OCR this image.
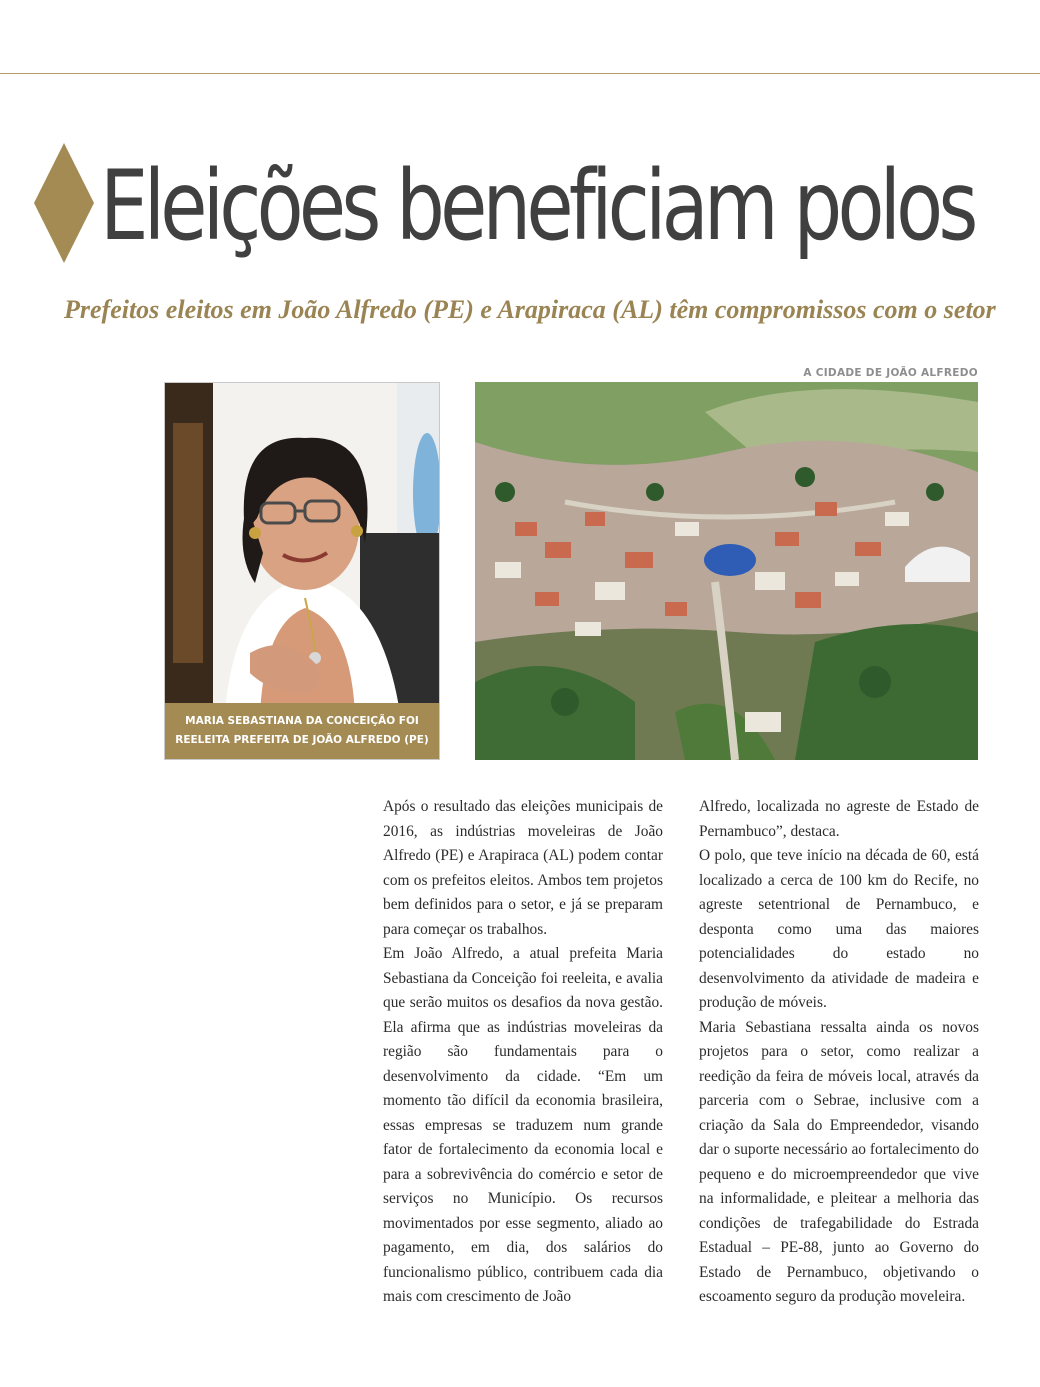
Eleições beneficiam polos
Prefeitos eleitos em João Alfredo (PE) e Arapiraca (AL) têm compromissos com o setor
A CIDADE DE JOÃO ALFREDO
MARIA SEBASTIANA DA CONCEIÇÃO FOI
REELEITA PREFEITA DE JOÃO ALFREDO (PE)

Após o resultado das eleições municipais de 2016, as indústrias moveleiras de João Alfredo (PE) e Arapiraca (AL) podem contar com os prefeitos eleitos. Ambos tem projetos bem definidos para o setor, e já se preparam para começar os trabalhos.

Em João Alfredo, a atual prefeita Maria Sebastiana da Conceição foi reeleita, e avalia que serão muitos os desafios da nova gestão. Ela afirma que as indústrias moveleiras da região são fundamentais para o desenvolvimento da cidade. “Em um momento tão difícil da economia brasileira, essas empresas se traduzem num grande fator de fortalecimento da economia local e para a sobrevivência do comércio e setor de serviços no Município. Os recursos movimentados por esse segmento, aliado ao pagamento, em dia, dos salários do funcionalismo público, contribuem cada dia mais com crescimento de João

Alfredo, localizada no agreste de Estado de Pernambuco”, destaca.

O polo, que teve início na década de 60, está localizado a cerca de 100 km do Recife, no agreste setentrional de Pernambuco, e desponta como uma das maiores potencialidades do estado no desenvolvimento da atividade de madeira e produção de móveis.

Maria Sebastiana ressalta ainda os novos projetos para o setor, como realizar a reedição da feira de móveis local, através da parceria com o Sebrae, inclusive com a criação da Sala do Empreendedor, visando dar o suporte necessário ao fortalecimento do pequeno e do microempreendedor que vive na informalidade, e pleitear a melhoria das condições de trafegabilidade do Estrada Estadual – PE-88, junto ao Governo do Estado de Pernambuco, objetivando o escoamento seguro da produção moveleira.
